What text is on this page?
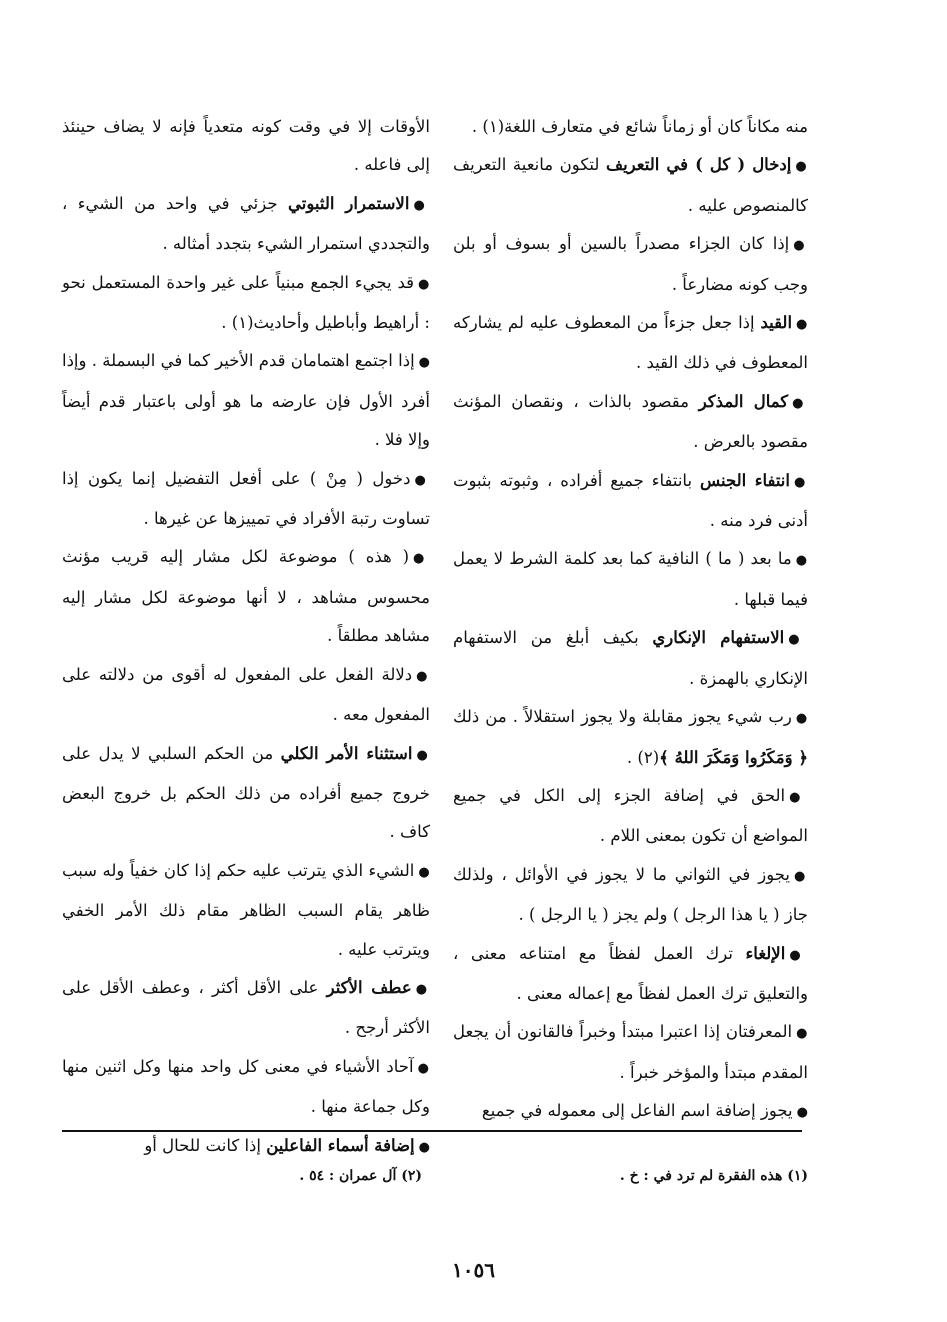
منه مكاناً كان أو زماناً شائع في متعارف اللغة(١) .

●إدخال ( كل ) في التعريف لتكون مانعية التعريف كالمنصوص عليه .

●إذا كان الجزاء مصدراً بالسين أو بسوف أو بلن وجب كونه مضارعاً .

●القيد إذا جعل جزءاً من المعطوف عليه لم يشاركه المعطوف في ذلك القيد .

●كمال المذكر مقصود بالذات ، ونقصان المؤنث مقصود بالعرض .

●انتفاء الجنس بانتفاء جميع أفراده ، وثبوته بثبوت أدنى فرد منه .

●ما بعد ( ما ) النافية كما بعد كلمة الشرط لا يعمل فيما قبلها .

●الاستفهام الإنكاري بكيف أبلغ من الاستفهام الإنكاري بالهمزة .

●رب شيء يجوز مقابلة ولا يجوز استقلالاً . من ذلك ﴿ وَمَكَرُوا وَمَكَرَ اللهُ ﴾(٢) .

●الحق في إضافة الجزء إلى الكل في جميع المواضع أن تكون بمعنى اللام .

●يجوز في الثواني ما لا يجوز في الأوائل ، ولذلك جاز ( يا هذا الرجل ) ولم يجز ( يا الرجل ) .

●الإلغاء ترك العمل لفظاً مع امتناعه معنى ، والتعليق ترك العمل لفظاً مع إعماله معنى .

●المعرفتان إذا اعتبرا مبتدأ وخبراً فالقانون أن يجعل المقدم مبتدأ والمؤخر خبراً .

●يجوز إضافة اسم الفاعل إلى معموله في جميع

الأوقات إلا في وقت كونه متعدياً فإنه لا يضاف حينئذ إلى فاعله .

●الاستمرار الثبوتي جزئي في واحد من الشيء ، والتجددي استمرار الشيء بتجدد أمثاله .

●قد يجيء الجمع مبنياً على غير واحدة المستعمل نحو : أراهيط وأباطيل وأحاديث(١) .

●إذا اجتمع اهتمامان قدم الأخير كما في البسملة . وإذا أفرد الأول فإن عارضه ما هو أولى باعتبار قدم أيضاً وإلا فلا .

●دخول ( مِنْ ) على أفعل التفضيل إنما يكون إذا تساوت رتبة الأفراد في تمييزها عن غيرها .

●( هذه ) موضوعة لكل مشار إليه قريب مؤنث محسوس مشاهد ، لا أنها موضوعة لكل مشار إليه مشاهد مطلقاً .

●دلالة الفعل على المفعول له أقوى من دلالته على المفعول معه .

●استثناء الأمر الكلي من الحكم السلبي لا يدل على خروج جميع أفراده من ذلك الحكم بل خروج البعض كاف .

●الشيء الذي يترتب عليه حكم إذا كان خفياً وله سبب ظاهر يقام السبب الظاهر مقام ذلك الأمر الخفي ويترتب عليه .

●عطف الأكثر على الأقل أكثر ، وعطف الأقل على الأكثر أرجح .

●آحاد الأشياء في معنى كل واحد منها وكل اثنين منها وكل جماعة منها .

●إضافة أسماء الفاعلين إذا كانت للحال أو

(١) هذه الفقرة لم ترد في : خ .
(٢) آل عمران : ٥٤ .
١٠٥٦
